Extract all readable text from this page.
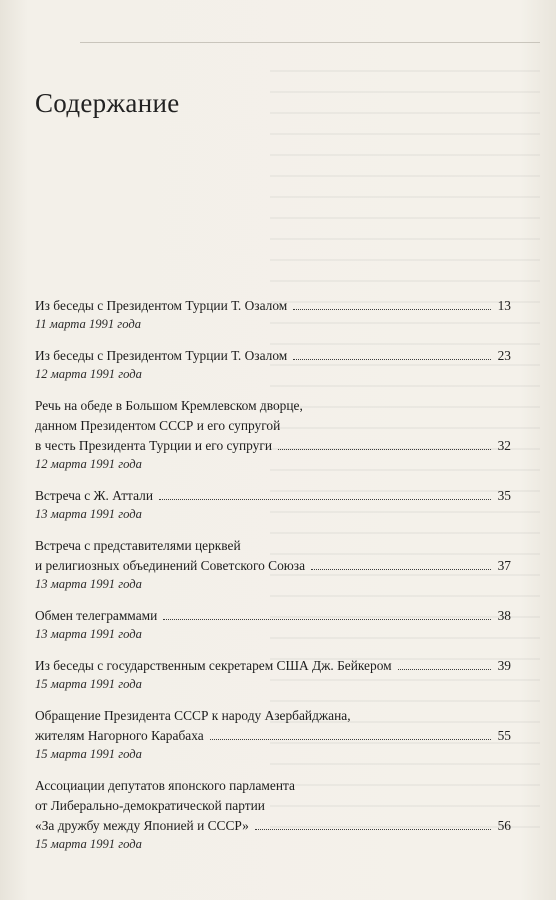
Содержание
Из беседы с Президентом Турции Т. Озалом	13
11 марта 1991 года
Из беседы с Президентом Турции Т. Озалом	23
12 марта 1991 года
Речь на обеде в Большом Кремлевском дворце,
данном Президентом СССР и его супругой
в честь Президента Турции и его супруги	32
12 марта 1991 года
Встреча с Ж. Аттали	35
13 марта 1991 года
Встреча с представителями церквей
и религиозных объединений Советского Союза	37
13 марта 1991 года
Обмен телеграммами	38
13 марта 1991 года
Из беседы с государственным секретарем США Дж. Бейкером	39
15 марта 1991 года
Обращение Президента СССР к народу Азербайджана,
жителям Нагорного Карабаха	55
15 марта 1991 года
Ассоциации депутатов японского парламента
от Либерально-демократической партии
«За дружбу между Японией и СССР»	56
15 марта 1991 года
